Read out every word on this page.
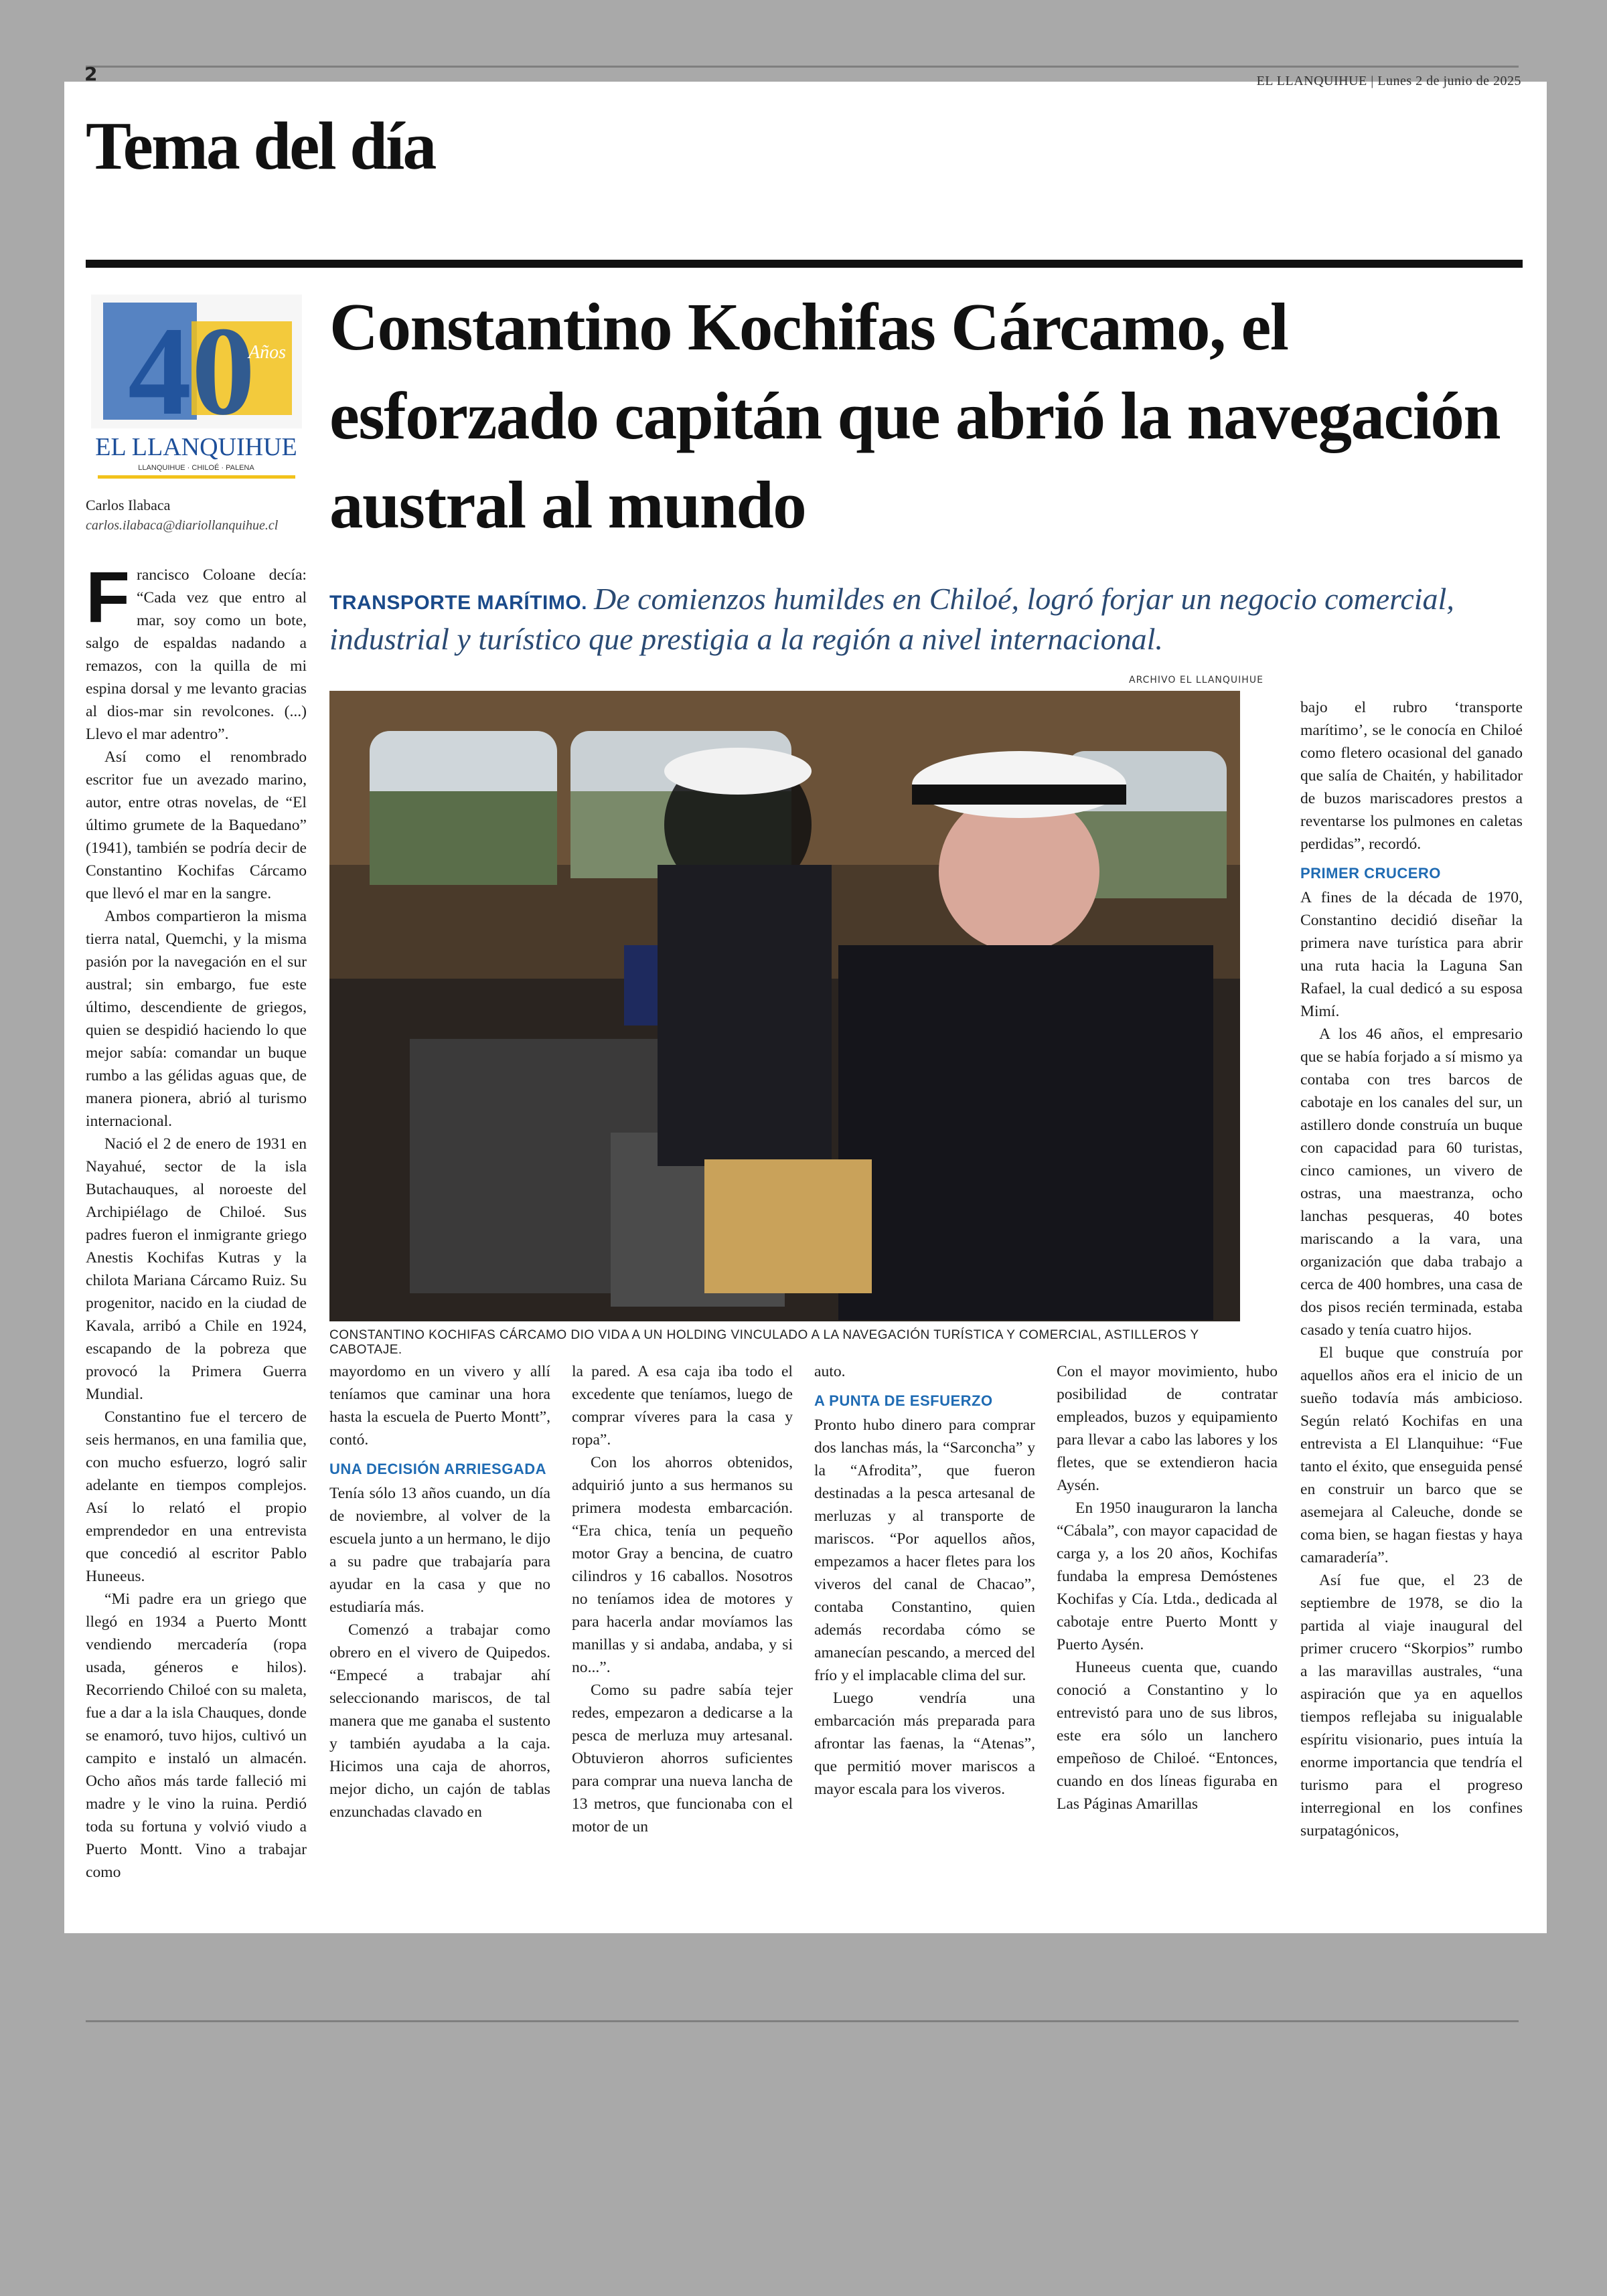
2	EL LLANQUIHUE | Lunes 2 de junio de 2025
Tema del día
40
Años
EL LLANQUIHUE
LLANQUIHUE · CHILOÉ · PALENA
Carlos Ilabaca
carlos.ilabaca@diariollanquihue.cl
Constantino Kochifas Cárcamo, el esforzado capitán que abrió la navegación austral al mundo
TRANSPORTE MARÍTIMO. De comienzos humildes en Chiloé, logró forjar un negocio comercial, industrial y turístico que prestigia a la región a nivel internacional.
ARCHIVO EL LLANQUIHUE
CONSTANTINO KOCHIFAS CÁRCAMO DIO VIDA A UN HOLDING VINCULADO A LA NAVEGACIÓN TURÍSTICA Y COMERCIAL, ASTILLEROS Y CABOTAJE.

Francisco Coloane decía: “Cada vez que entro al mar, soy como un bote, salgo de espaldas nadando a remazos, con la quilla de mi espina dorsal y me levanto gracias al dios-mar sin revolcones. (...) Llevo el mar adentro”.

Así como el renombrado escritor fue un avezado marino, autor, entre otras novelas, de “El último grumete de la Baquedano” (1941), también se podría decir de Constantino Kochifas Cárcamo que llevó el mar en la sangre.

Ambos compartieron la misma tierra natal, Quemchi, y la misma pasión por la navegación en el sur austral; sin embargo, fue este último, descendiente de griegos, quien se despidió haciendo lo que mejor sabía: comandar un buque rumbo a las gélidas aguas que, de manera pionera, abrió al turismo internacional.

Nació el 2 de enero de 1931 en Nayahué, sector de la isla Butachauques, al noroeste del Archipiélago de Chiloé. Sus padres fueron el inmigrante griego Anestis Kochifas Kutras y la chilota Mariana Cárcamo Ruiz. Su progenitor, nacido en la ciudad de Kavala, arribó a Chile en 1924, escapando de la pobreza que provocó la Primera Guerra Mundial.

Constantino fue el tercero de seis hermanos, en una familia que, con mucho esfuerzo, logró salir adelante en tiempos complejos. Así lo relató el propio emprendedor en una entrevista que concedió al escritor Pablo Huneeus.

“Mi padre era un griego que llegó en 1934 a Puerto Montt vendiendo mercadería (ropa usada, géneros e hilos). Recorriendo Chiloé con su maleta, fue a dar a la isla Chauques, donde se enamoró, tuvo hijos, cultivó un campito e instaló un almacén. Ocho años más tarde falleció mi madre y le vino la ruina. Perdió toda su fortuna y volvió viudo a Puerto Montt. Vino a trabajar como

mayordomo en un vivero y allí teníamos que caminar una hora hasta la escuela de Puerto Montt”, contó.

UNA DECISIÓN ARRIESGADA

Tenía sólo 13 años cuando, un día de noviembre, al volver de la escuela junto a un hermano, le dijo a su padre que trabajaría para ayudar en la casa y que no estudiaría más.

Comenzó a trabajar como obrero en el vivero de Quipedos. “Empecé a trabajar ahí seleccionando mariscos, de tal manera que me ganaba el sustento y también ayudaba a la caja. Hicimos una caja de ahorros, mejor dicho, un cajón de tablas enzunchadas clavado en

la pared. A esa caja iba todo el excedente que teníamos, luego de comprar víveres para la casa y ropa”.

Con los ahorros obtenidos, adquirió junto a sus hermanos su primera modesta embarcación. “Era chica, tenía un pequeño motor Gray a bencina, de cuatro cilindros y 16 caballos. Nosotros no teníamos idea de motores y para hacerla andar movíamos las manillas y si andaba, andaba, y si no...”.

Como su padre sabía tejer redes, empezaron a dedicarse a la pesca de merluza muy artesanal. Obtuvieron ahorros suficientes para comprar una nueva lancha de 13 metros, que funcionaba con el motor de un

auto.

A PUNTA DE ESFUERZO

Pronto hubo dinero para comprar dos lanchas más, la “Sarconcha” y la “Afrodita”, que fueron destinadas a la pesca artesanal de merluzas y al transporte de mariscos. “Por aquellos años, empezamos a hacer fletes para los viveros del canal de Chacao”, contaba Constantino, quien además recordaba cómo se amanecían pescando, a merced del frío y el implacable clima del sur.

Luego vendría una embarcación más preparada para afrontar las faenas, la “Atenas”, que permitió mover mariscos a mayor escala para los viveros.

Con el mayor movimiento, hubo posibilidad de contratar empleados, buzos y equipamiento para llevar a cabo las labores y los fletes, que se extendieron hacia Aysén.

En 1950 inauguraron la lancha “Cábala”, con mayor capacidad de carga y, a los 20 años, Kochifas fundaba la empresa Demóstenes Kochifas y Cía. Ltda., dedicada al cabotaje entre Puerto Montt y Puerto Aysén.

Huneeus cuenta que, cuando conoció a Constantino y lo entrevistó para uno de sus libros, este era sólo un lanchero empeñoso de Chiloé. “Entonces, cuando en dos líneas figuraba en Las Páginas Amarillas

bajo el rubro ‘transporte marítimo’, se le conocía en Chiloé como fletero ocasional del ganado que salía de Chaitén, y habilitador de buzos mariscadores prestos a reventarse los pulmones en caletas perdidas”, recordó.

PRIMER CRUCERO

A fines de la década de 1970, Constantino decidió diseñar la primera nave turística para abrir una ruta hacia la Laguna San Rafael, la cual dedicó a su esposa Mimí.

A los 46 años, el empresario que se había forjado a sí mismo ya contaba con tres barcos de cabotaje en los canales del sur, un astillero donde construía un buque con capacidad para 60 turistas, cinco camiones, un vivero de ostras, una maestranza, ocho lanchas pesqueras, 40 botes mariscando a la vara, una organización que daba trabajo a cerca de 400 hombres, una casa de dos pisos recién terminada, estaba casado y tenía cuatro hijos.

El buque que construía por aquellos años era el inicio de un sueño todavía más ambicioso. Según relató Kochifas en una entrevista a El Llanquihue: “Fue tanto el éxito, que enseguida pensé en construir un barco que se asemejara al Caleuche, donde se coma bien, se hagan fiestas y haya camaradería”.

Así fue que, el 23 de septiembre de 1978, se dio la partida al viaje inaugural del primer crucero “Skorpios” rumbo a las maravillas australes, “una aspiración que ya en aquellos tiempos reflejaba su inigualable espíritu visionario, pues intuía la enorme importancia que tendría el turismo para el progreso interregional en los confines surpatagónicos,
